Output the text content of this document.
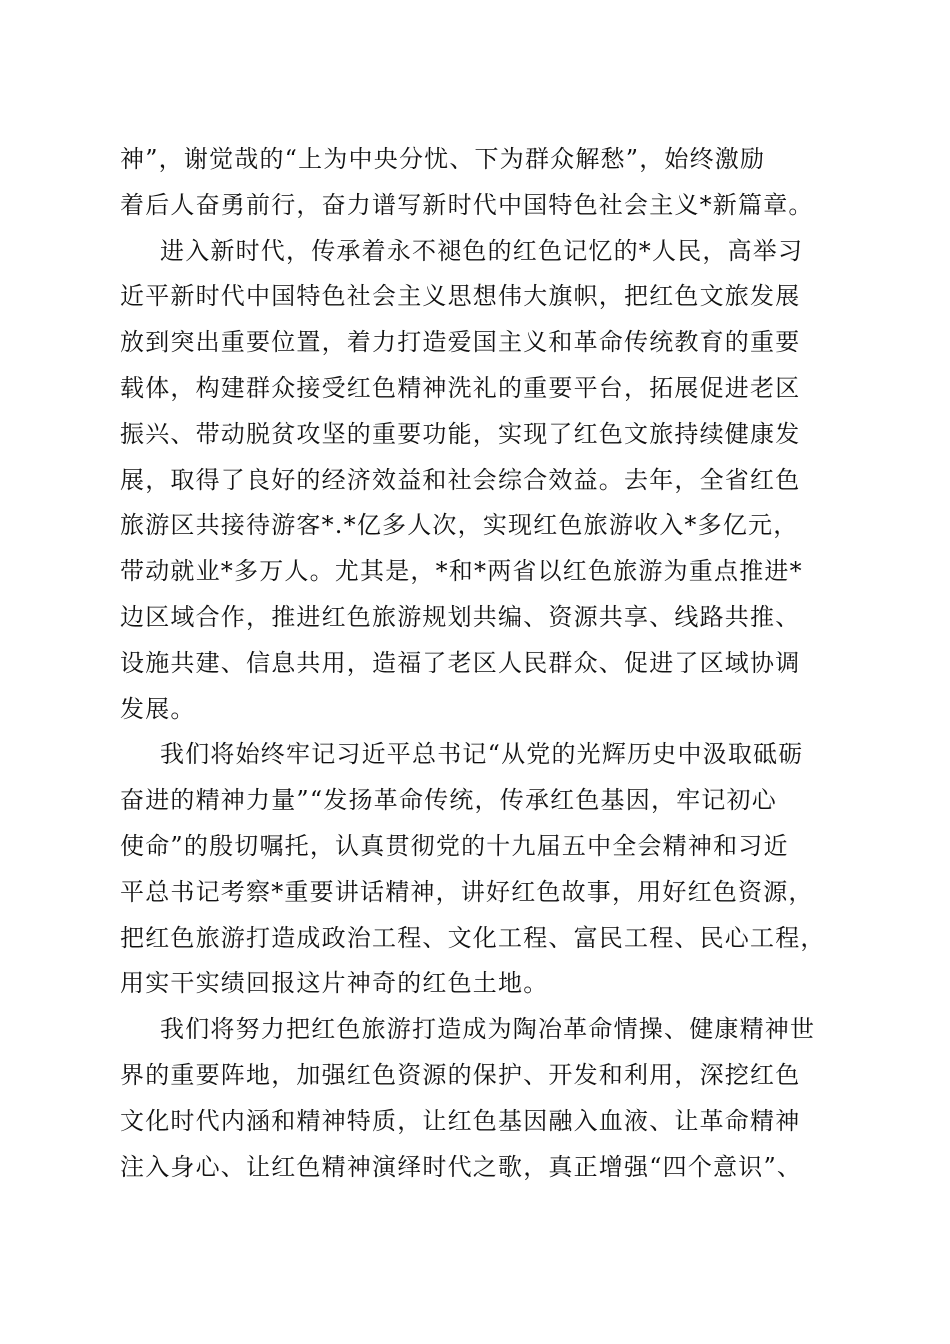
神”，谢觉哉的“上为中央分忧、下为群众解愁”，始终激励
着后人奋勇前行，奋力谱写新时代中国特色社会主义*新篇章。
进入新时代，传承着永不褪色的红色记忆的*人民，高举习
近平新时代中国特色社会主义思想伟大旗帜，把红色文旅发展
放到突出重要位置，着力打造爱国主义和革命传统教育的重要
载体，构建群众接受红色精神洗礼的重要平台，拓展促进老区
振兴、带动脱贫攻坚的重要功能，实现了红色文旅持续健康发
展，取得了良好的经济效益和社会综合效益。去年，全省红色
旅游区共接待游客*.*亿多人次，实现红色旅游收入*多亿元，
带动就业*多万人。尤其是，*和*两省以红色旅游为重点推进*
边区域合作，推进红色旅游规划共编、资源共享、线路共推、
设施共建、信息共用，造福了老区人民群众、促进了区域协调
发展。
我们将始终牢记习近平总书记“从党的光辉历史中汲取砥砺
奋进的精神力量”“发扬革命传统，传承红色基因，牢记初心
使命”的殷切嘱托，认真贯彻党的十九届五中全会精神和习近
平总书记考察*重要讲话精神，讲好红色故事，用好红色资源，
把红色旅游打造成政治工程、文化工程、富民工程、民心工程，
用实干实绩回报这片神奇的红色土地。
我们将努力把红色旅游打造成为陶冶革命情操、健康精神世
界的重要阵地，加强红色资源的保护、开发和利用，深挖红色
文化时代内涵和精神特质，让红色基因融入血液、让革命精神
注入身心、让红色精神演绎时代之歌，真正增强“四个意识”、
